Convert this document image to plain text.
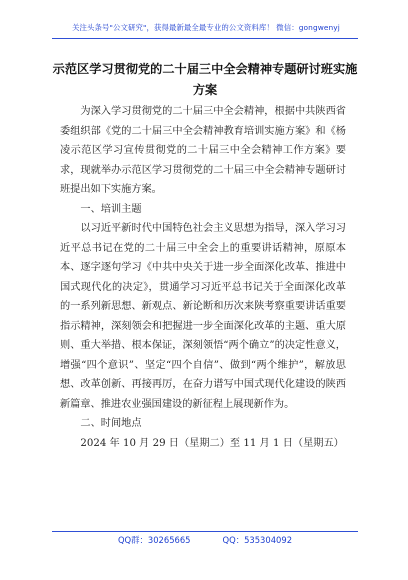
关注头条号"公文研究"，获得最新最全最专业的公文资料库！ 微信：gongwenyj
示范区学习贯彻党的二十届三中全会精神专题研讨班实施
方案

为深入学习贯彻党的二十届三中全会精神，根据中共陕西省委组织部《党的二十届三中全会精神教育培训实施方案》和《杨凌示范区学习宣传贯彻党的二十届三中全会精神工作方案》要求，现就举办示范区学习贯彻党的二十届三中全会精神专题研讨班提出如下实施方案。

一、培训主题

以习近平新时代中国特色社会主义思想为指导，深入学习习近平总书记在党的二十届三中全会上的重要讲话精神，原原本本、逐字逐句学习《中共中央关于进一步全面深化改革、推进中国式现代化的决定》，贯通学习习近平总书记关于全面深化改革的一系列新思想、新观点、新论断和历次来陕考察重要讲话重要指示精神，深刻领会和把握进一步全面深化改革的主题、重大原则、重大举措、根本保证，深刻领悟“两个确立”的决定性意义，增强“四个意识”、坚定“四个自信”、做到“两个维护”，解放思想、改革创新、再接再厉，在奋力谱写中国式现代化建设的陕西新篇章、推进农业强国建设的新征程上展现新作为。

二、时间地点

2024 年 10 月 29 日（星期二）至 11 月 1 日（星期五）

QQ群：30265665	QQ：535304092
